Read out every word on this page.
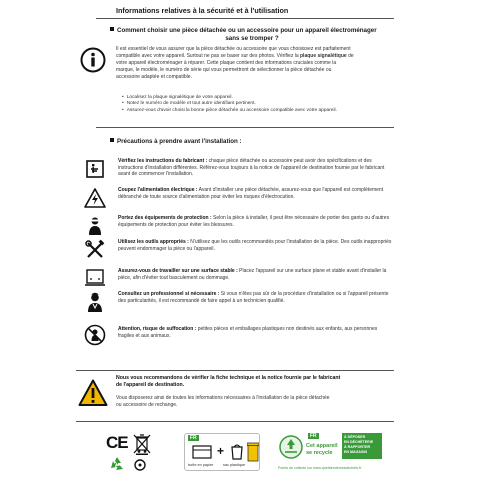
Informations relatives à la sécurité et à l'utilisation
Comment choisir une pièce détachée ou un accessoire pour un appareil électroménager
sans se tromper ?
Il est essentiel de vous assurer que la pièce détachée ou accessoire que vous choisissez est parfaitement
compatible avec votre appareil. Surtout ne pas se baser sur des photos. Vérifiez la plaque signalétique de
votre appareil électroménager à réparer. Cette plaque contient des informations cruciales comme la
marque, le modèle, le numéro de série qui vous permettront de sélectionner la pièce détachée ou
accessoire adaptée et compatible.
• Localisez la plaque signalétique de votre appareil.
• Notez le numéro de modèle et tout autre identifiant pertinent.
• Assurez-vous d'avoir choisi la bonne pièce détachée ou accessoire compatible avec votre appareil.
Précautions à prendre avant l'installation :
Vérifiez les instructions du fabricant : chaque pièce détachée ou accessoire peut avoir des spécifications et des instructions d'installation différentes. Référez-vous toujours à la notice de l'appareil de destination fournie par le fabricant avant de commencer l'installation.
Coupez l'alimentation électrique : Avant d'installer une pièce détachée, assurez-vous que l'appareil est complètement débranché de toute source d'alimentation pour éviter les risques d'électrocution.
Portez des équipements de protection : Selon la pièce à installer, il peut être nécessaire de porter des gants ou d'autres équipements de protection pour éviter les blessures.
Utilisez les outils appropriés : N'utilisez que les outils recommandés pour l'installation de la pièce. Des outils inappropriés peuvent endommager la pièce ou l'appareil.
Assurez-vous de travailler sur une surface stable : Placez l'appareil sur une surface plane et stable avant d'installer la pièce, afin d'éviter tout basculement ou dommage.
Consultez un professionnel si nécessaire : Si vous n'êtes pas sûr de la procédure d'installation ou si l'appareil présente des particularités, il est recommandé de faire appel à un technicien qualifié.
Attention, risque de suffocation : petites pièces et emballages plastiques non destinés aux enfants, aux personnes fragiles et aux animaux.
Nous vous recommandons de vérifier la fiche technique et la notice fournie par le fabricant
de l'appareil de destination.
Vous disposerez ainsi de toutes les informations nécessaires à l'installation de la pièce détachée
ou accessoire de rechange.
CE	FR
+
boîte en papier	sac plastique
FR
Cet appareil
se recycle
À DÉPOSER
EN DÉCHÈTERIE
À RAPPORTER
EN MAGASIN
Points de collecte sur www.quefairedemesdechets.fr
